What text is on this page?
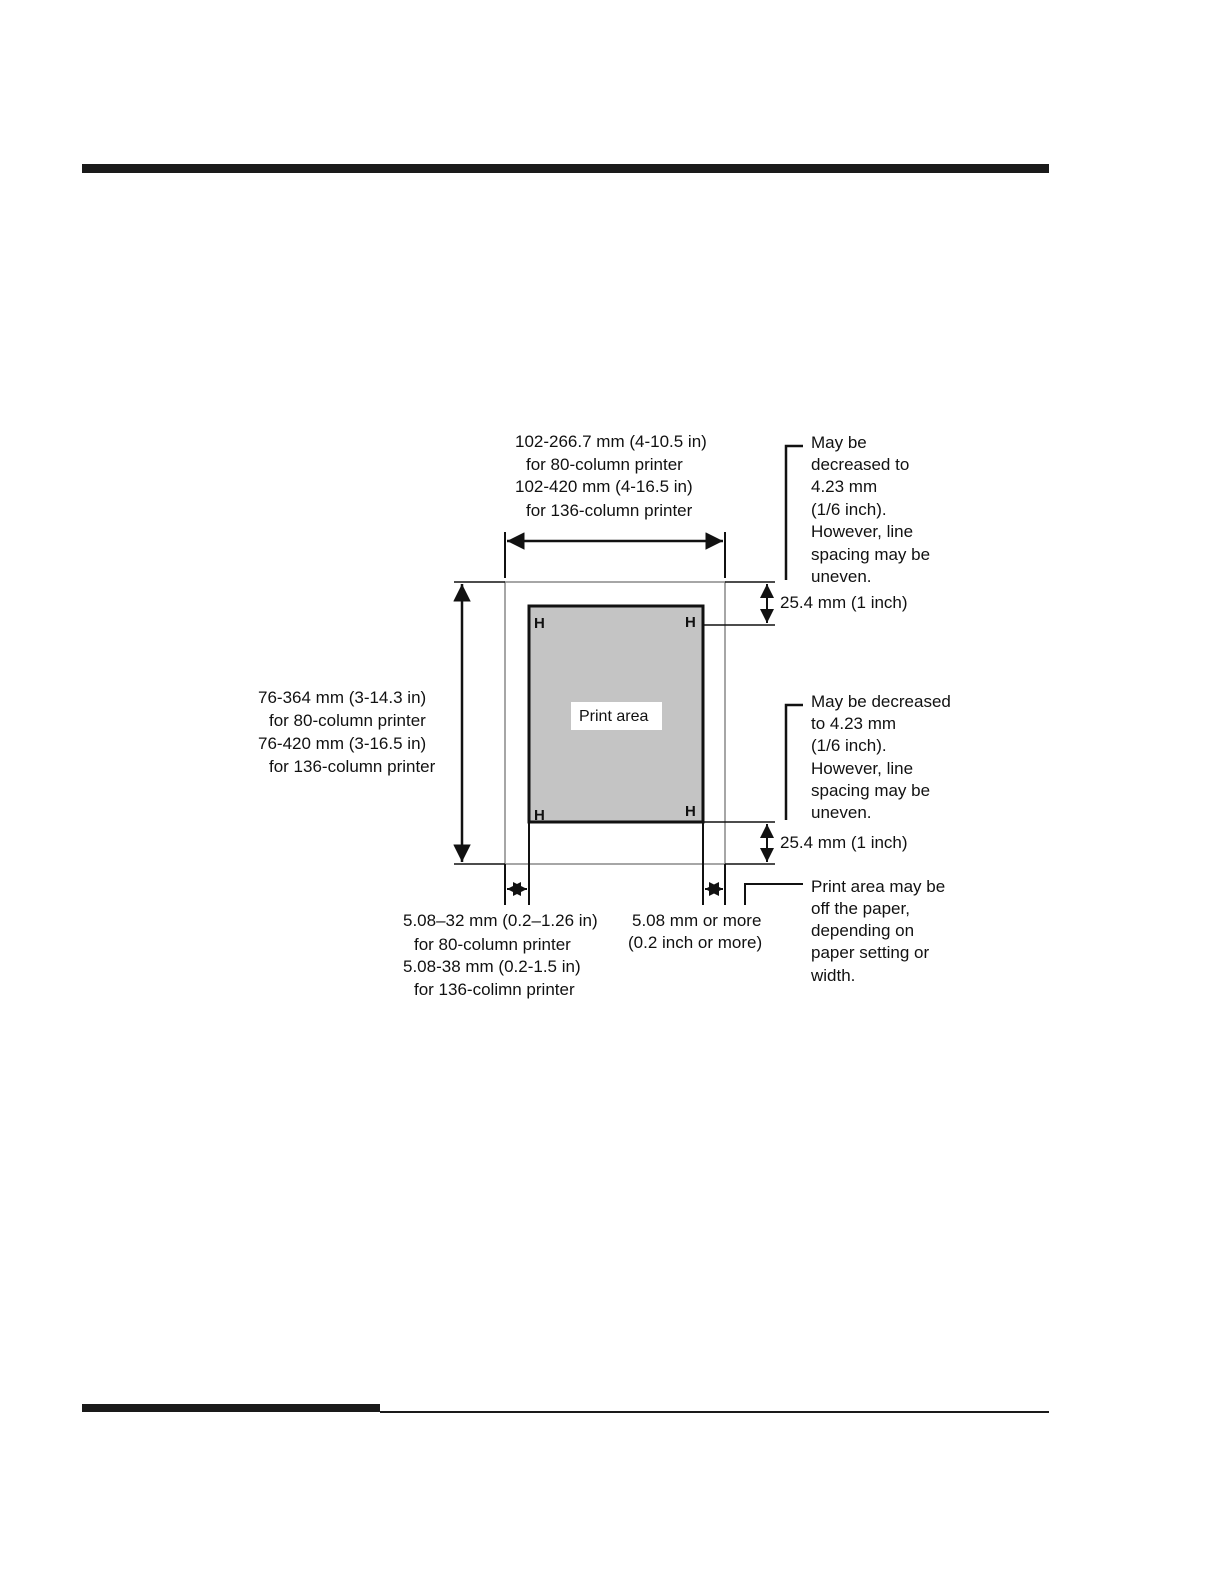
Print area
H	H
H	H
102-266.7 mm (4-10.5 in)
for 80-column printer
102-420 mm (4-16.5 in)
for 136-column printer
76-364 mm (3-14.3 in)
for 80-column printer
76-420 mm (3-16.5 in)
for 136-column printer
May be
decreased to
4.23 mm
(1/6 inch).
However, line
spacing may be
uneven.
25.4 mm (1 inch)
May be decreased
to 4.23 mm
(1/6 inch).
However, line
spacing may be
uneven.
25.4 mm (1 inch)
5.08–32 mm (0.2–1.26 in)
for 80-column printer
5.08-38 mm (0.2-1.5 in)
for 136-colimn printer
5.08 mm or more
(0.2 inch or more)
Print area may be
off the paper,
depending on
paper setting or
width.
